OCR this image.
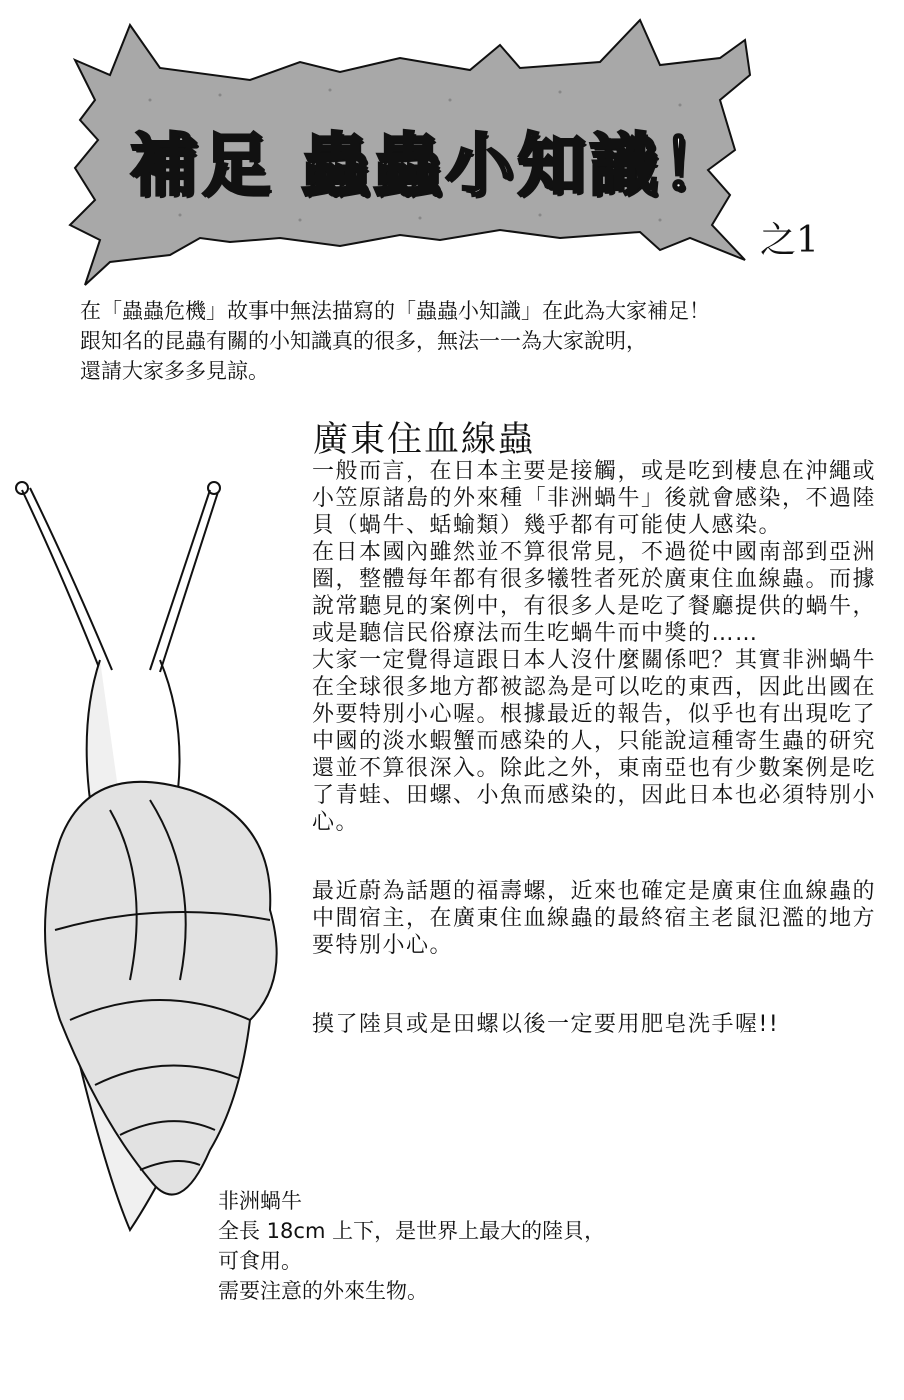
補足 蟲蟲小知識！
之1
在「蟲蟲危機」故事中無法描寫的「蟲蟲小知識」在此為大家補足！
跟知名的昆蟲有關的小知識真的很多，無法一一為大家說明，
還請大家多多見諒。
廣東住血線蟲
一般而言，在日本主要是接觸，或是吃到棲息在沖繩或
小笠原諸島的外來種「非洲蝸牛」後就會感染，不過陸
貝（蝸牛、蛞蝓類）幾乎都有可能使人感染。
在日本國內雖然並不算很常見，不過從中國南部到亞洲
圈，整體每年都有很多犧牲者死於廣東住血線蟲。而據
說常聽見的案例中，有很多人是吃了餐廳提供的蝸牛，
或是聽信民俗療法而生吃蝸牛而中獎的……
大家一定覺得這跟日本人沒什麼關係吧？其實非洲蝸牛
在全球很多地方都被認為是可以吃的東西，因此出國在
外要特別小心喔。根據最近的報告，似乎也有出現吃了
中國的淡水蝦蟹而感染的人，只能說這種寄生蟲的研究
還並不算很深入。除此之外，東南亞也有少數案例是吃
了青蛙、田螺、小魚而感染的，因此日本也必須特別小
心。
最近蔚為話題的福壽螺，近來也確定是廣東住血線蟲的
中間宿主，在廣東住血線蟲的最終宿主老鼠氾濫的地方
要特別小心。
摸了陸貝或是田螺以後一定要用肥皂洗手喔!!
非洲蝸牛
全長 18cm 上下，是世界上最大的陸貝，
可食用。
需要注意的外來生物。
